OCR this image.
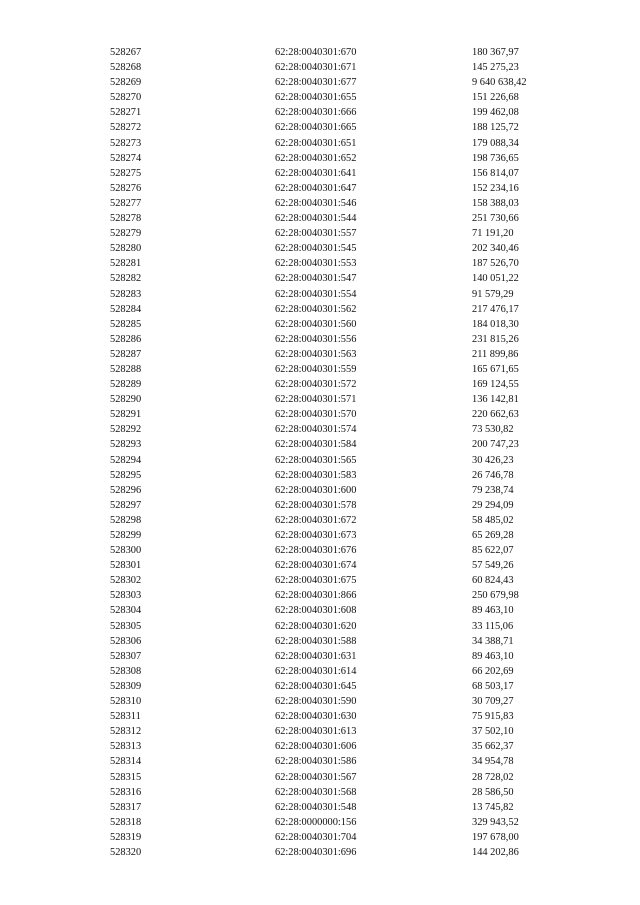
528267	62:28:0040301:670	180 367,97
528268	62:28:0040301:671	145 275,23
528269	62:28:0040301:677	9 640 638,42
528270	62:28:0040301:655	151 226,68
528271	62:28:0040301:666	199 462,08
528272	62:28:0040301:665	188 125,72
528273	62:28:0040301:651	179 088,34
528274	62:28:0040301:652	198 736,65
528275	62:28:0040301:641	156 814,07
528276	62:28:0040301:647	152 234,16
528277	62:28:0040301:546	158 388,03
528278	62:28:0040301:544	251 730,66
528279	62:28:0040301:557	71 191,20
528280	62:28:0040301:545	202 340,46
528281	62:28:0040301:553	187 526,70
528282	62:28:0040301:547	140 051,22
528283	62:28:0040301:554	91 579,29
528284	62:28:0040301:562	217 476,17
528285	62:28:0040301:560	184 018,30
528286	62:28:0040301:556	231 815,26
528287	62:28:0040301:563	211 899,86
528288	62:28:0040301:559	165 671,65
528289	62:28:0040301:572	169 124,55
528290	62:28:0040301:571	136 142,81
528291	62:28:0040301:570	220 662,63
528292	62:28:0040301:574	73 530,82
528293	62:28:0040301:584	200 747,23
528294	62:28:0040301:565	30 426,23
528295	62:28:0040301:583	26 746,78
528296	62:28:0040301:600	79 238,74
528297	62:28:0040301:578	29 294,09
528298	62:28:0040301:672	58 485,02
528299	62:28:0040301:673	65 269,28
528300	62:28:0040301:676	85 622,07
528301	62:28:0040301:674	57 549,26
528302	62:28:0040301:675	60 824,43
528303	62:28:0040301:866	250 679,98
528304	62:28:0040301:608	89 463,10
528305	62:28:0040301:620	33 115,06
528306	62:28:0040301:588	34 388,71
528307	62:28:0040301:631	89 463,10
528308	62:28:0040301:614	66 202,69
528309	62:28:0040301:645	68 503,17
528310	62:28:0040301:590	30 709,27
528311	62:28:0040301:630	75 915,83
528312	62:28:0040301:613	37 502,10
528313	62:28:0040301:606	35 662,37
528314	62:28:0040301:586	34 954,78
528315	62:28:0040301:567	28 728,02
528316	62:28:0040301:568	28 586,50
528317	62:28:0040301:548	13 745,82
528318	62:28:0000000:156	329 943,52
528319	62:28:0040301:704	197 678,00
528320	62:28:0040301:696	144 202,86
